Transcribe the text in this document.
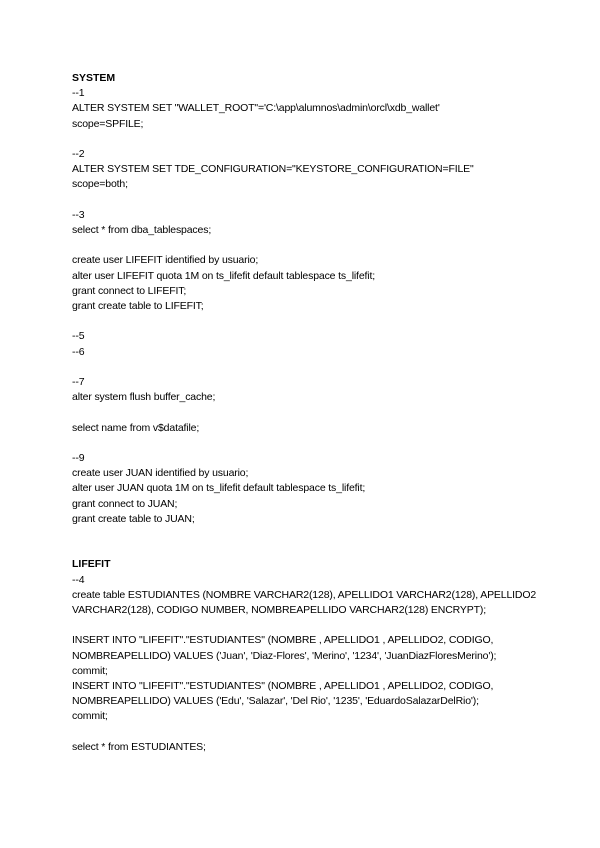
SYSTEM
--1
ALTER SYSTEM SET "WALLET_ROOT"='C:\app\alumnos\admin\orcl\xdb_wallet'
scope=SPFILE;
--2
ALTER SYSTEM SET TDE_CONFIGURATION="KEYSTORE_CONFIGURATION=FILE"
scope=both;
--3
select * from dba_tablespaces;
create user LIFEFIT identified by usuario;
alter user LIFEFIT quota 1M on ts_lifefit default tablespace ts_lifefit;
grant connect to LIFEFIT;
grant create table to LIFEFIT;
--5
--6
--7
alter system flush buffer_cache;
select name from v$datafile;
--9
create user JUAN identified by usuario;
alter user JUAN quota 1M on ts_lifefit default tablespace ts_lifefit;
grant connect to JUAN;
grant create table to JUAN;
LIFEFIT
--4
create table ESTUDIANTES (NOMBRE VARCHAR2(128), APELLIDO1 VARCHAR2(128), APELLIDO2 VARCHAR2(128), CODIGO NUMBER, NOMBREAPELLIDO VARCHAR2(128) ENCRYPT);
INSERT INTO "LIFEFIT"."ESTUDIANTES" (NOMBRE , APELLIDO1 , APELLIDO2, CODIGO, NOMBREAPELLIDO) VALUES ('Juan', 'Diaz-Flores', 'Merino', '1234', 'JuanDiazFloresMerino');
commit;
INSERT INTO "LIFEFIT"."ESTUDIANTES" (NOMBRE , APELLIDO1 , APELLIDO2, CODIGO, NOMBREAPELLIDO) VALUES ('Edu', 'Salazar', 'Del Rio', '1235', 'EduardoSalazarDelRio');
commit;
select * from ESTUDIANTES;
